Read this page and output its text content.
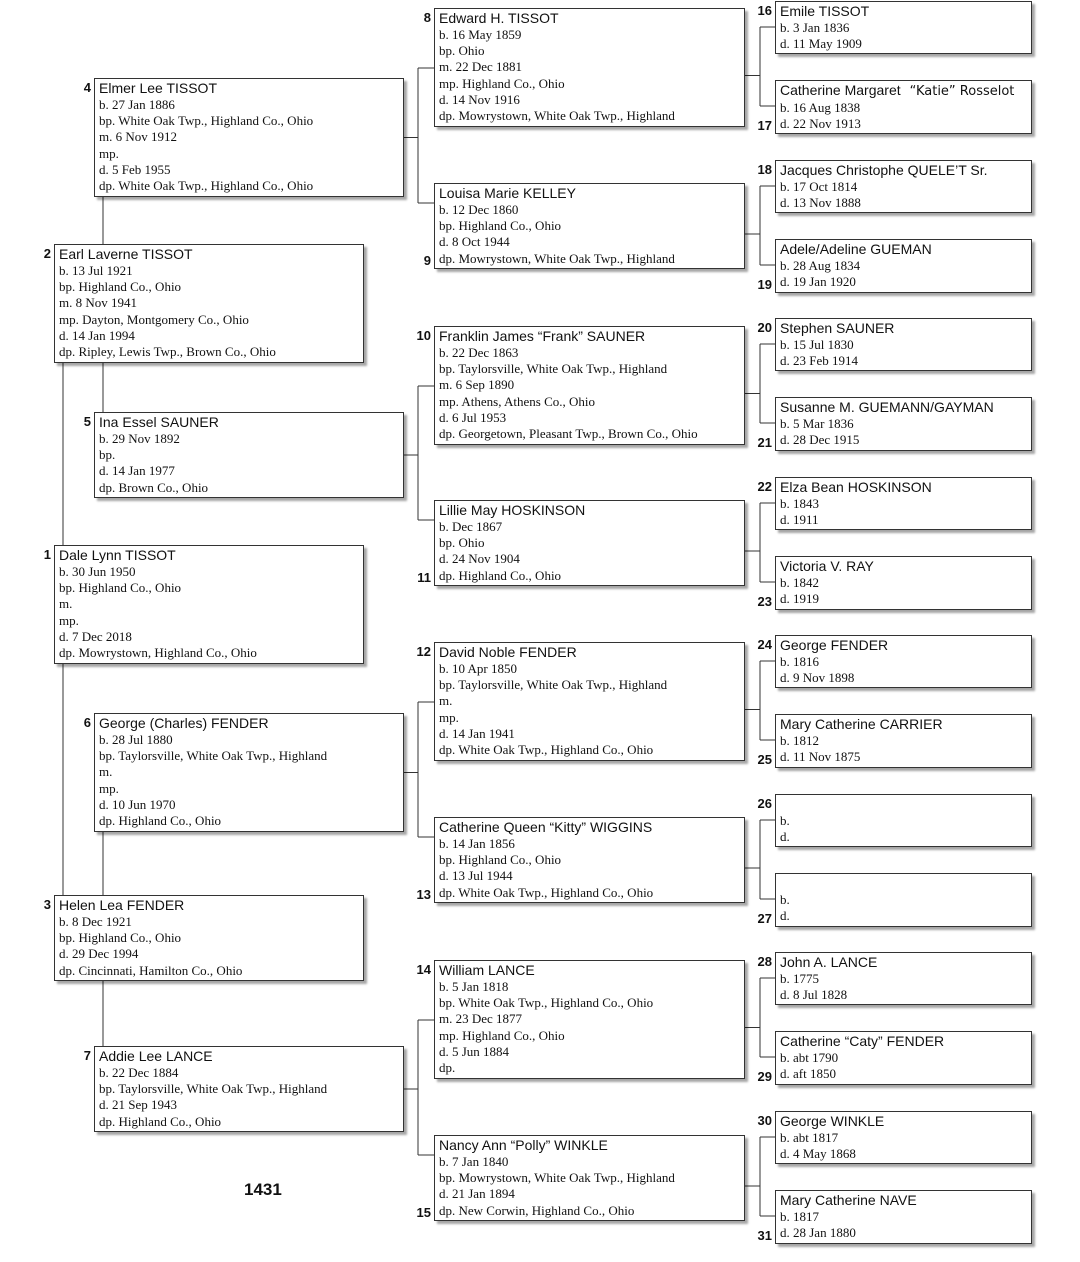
Dale Lynn TISSOT
b. 30 Jun 1950
bp. Highland Co., Ohio
m.
mp.
d. 7 Dec 2018
dp. Mowrystown, Highland Co., Ohio
1
Earl Laverne TISSOT
b. 13 Jul 1921
bp. Highland Co., Ohio
m. 8 Nov 1941
mp. Dayton, Montgomery Co., Ohio
d. 14 Jan 1994
dp. Ripley, Lewis Twp., Brown Co., Ohio
2
Helen Lea FENDER
b. 8 Dec 1921
bp. Highland Co., Ohio
d. 29 Dec 1994
dp. Cincinnati, Hamilton Co., Ohio
3
Elmer Lee TISSOT
b. 27 Jan 1886
bp. White Oak Twp., Highland Co., Ohio
m. 6 Nov 1912
mp.
d. 5 Feb 1955
dp. White Oak Twp., Highland Co., Ohio
4
Ina Essel SAUNER
b. 29 Nov 1892
bp.
d. 14 Jan 1977
dp. Brown Co., Ohio
5
George (Charles) FENDER
b. 28 Jul 1880
bp. Taylorsville, White Oak Twp., Highland
m.
mp.
d. 10 Jun 1970
dp. Highland Co., Ohio
6
Addie Lee LANCE
b. 22 Dec 1884
bp. Taylorsville, White Oak Twp., Highland
d. 21 Sep 1943
dp. Highland Co., Ohio
7
Edward H. TISSOT
b. 16 May 1859
bp. Ohio
m. 22 Dec 1881
mp. Highland Co., Ohio
d. 14 Nov 1916
dp. Mowrystown, White Oak Twp., Highland
8
Louisa Marie KELLEY
b. 12 Dec 1860
bp. Highland Co., Ohio
d. 8 Oct 1944
dp. Mowrystown, White Oak Twp., Highland
9
Franklin James “Frank” SAUNER
b. 22 Dec 1863
bp. Taylorsville, White Oak Twp., Highland
m. 6 Sep 1890
mp. Athens, Athens Co., Ohio
d. 6 Jul 1953
dp. Georgetown, Pleasant Twp., Brown Co., Ohio
10
Lillie May HOSKINSON
b. Dec 1867
bp. Ohio
d. 24 Nov 1904
dp. Highland Co., Ohio
11
David Noble FENDER
b. 10 Apr 1850
bp. Taylorsville, White Oak Twp., Highland
m.
mp.
d. 14 Jan 1941
dp. White Oak Twp., Highland Co., Ohio
12
Catherine Queen “Kitty” WIGGINS
b. 14 Jan 1856
bp. Highland Co., Ohio
d. 13 Jul 1944
dp. White Oak Twp., Highland Co., Ohio
13
William LANCE
b. 5 Jan 1818
bp. White Oak Twp., Highland Co., Ohio
m. 23 Dec 1877
mp. Highland Co., Ohio
d. 5 Jun 1884
dp.
14
Nancy Ann “Polly” WINKLE
b. 7 Jan 1840
bp. Mowrystown, White Oak Twp., Highland
d. 21 Jan 1894
dp. New Corwin, Highland Co., Ohio
15
Emile TISSOT
b. 3 Jan 1836
d. 11 May 1909
16
Catherine Margaret “Katie” Rosselot
b. 16 Aug 1838
d. 22 Nov 1913
17
Jacques Christophe QUELE’T Sr.
b. 17 Oct 1814
d. 13 Nov 1888
18
Adele/Adeline GUEMAN
b. 28 Aug 1834
d. 19 Jan 1920
19
Stephen SAUNER
b. 15 Jul 1830
d. 23 Feb 1914
20
Susanne M. GUEMANN/GAYMAN
b. 5 Mar 1836
d. 28 Dec 1915
21
Elza Bean HOSKINSON
b. 1843
d. 1911
22
Victoria V. RAY
b. 1842
d. 1919
23
George FENDER
b. 1816
d. 9 Nov 1898
24
Mary Catherine CARRIER
b. 1812
d. 11 Nov 1875
25

b.
d.
26

b.
d.
27
John A. LANCE
b. 1775
d. 8 Jul 1828
28
Catherine “Caty” FENDER
b. abt 1790
d. aft 1850
29
George WINKLE
b. abt 1817
d. 4 May 1868
30
Mary Catherine NAVE
b. 1817
d. 28 Jan 1880
31
1431
